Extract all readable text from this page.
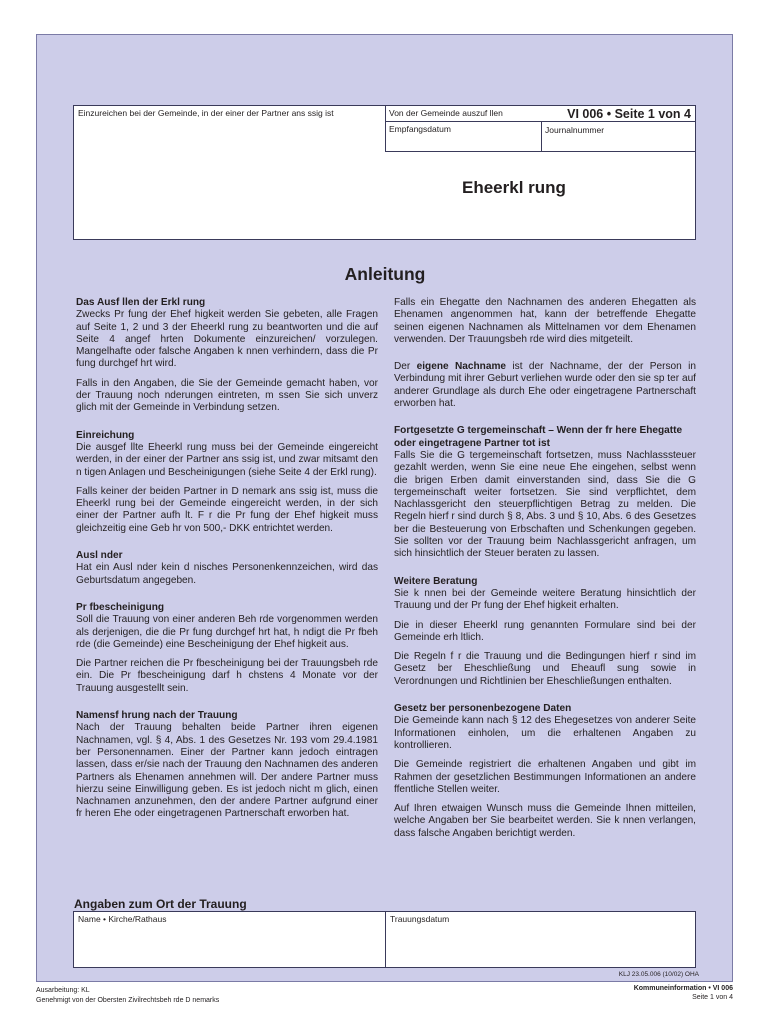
Einzureichen bei der Gemeinde, in der einer der Partner ans ssig ist	Von der Gemeinde auszuf llen	VI 006 • Seite 1 von 4
Empfangsdatum	Journalnummer
Eheerkl rung
Anleitung
Das Ausf llen der Erkl rung

Zwecks Pr fung der Ehef higkeit werden Sie gebeten, alle Fragen auf Seite 1, 2 und 3 der Eheerkl rung zu beantworten und die auf Seite 4 angef hrten Dokumente einzureichen/ vorzulegen. Mangelhafte oder falsche Angaben k nnen verhindern, dass die Pr fung durchgef hrt wird.

Falls in den Angaben, die Sie der Gemeinde gemacht haben, vor der Trauung noch nderungen eintreten, m ssen Sie sich unverz glich mit der Gemeinde in Verbindung setzen.

Einreichung

Die ausgef llte Eheerkl rung muss bei der Gemeinde eingereicht werden, in der einer der Partner ans ssig ist, und zwar mitsamt den n tigen Anlagen und Bescheinigungen (siehe Seite 4 der Erkl rung).

Falls keiner der beiden Partner in D nemark ans ssig ist, muss die Eheerkl rung bei der Gemeinde eingereicht werden, in der sich einer der Partner aufh lt. F r die Pr fung der Ehef higkeit muss gleichzeitig eine Geb hr von 500,- DKK entrichtet werden.

Ausl nder

Hat ein Ausl nder kein d nisches Personenkennzeichen, wird das Geburtsdatum angegeben.

Pr fbescheinigung

Soll die Trauung von einer anderen Beh rde vorgenommen werden als derjenigen, die die Pr fung durchgef hrt hat, h ndigt die Pr fbeh rde (die Gemeinde) eine Bescheinigung der Ehef higkeit aus.

Die Partner reichen die Pr fbescheinigung bei der Trauungsbeh rde ein. Die Pr fbescheinigung darf h chstens 4 Monate vor der Trauung ausgestellt sein.

Namensf hrung nach der Trauung

Nach der Trauung behalten beide Partner ihren eigenen Nachnamen, vgl. § 4, Abs. 1 des Gesetzes Nr. 193 vom 29.4.1981 ber Personennamen. Einer der Partner kann jedoch eintragen lassen, dass er/sie nach der Trauung den Nachnamen des anderen Partners als Ehenamen annehmen will. Der andere Partner muss hierzu seine Einwilligung geben. Es ist jedoch nicht m glich, einen Nachnamen anzunehmen, den der andere Partner aufgrund einer fr heren Ehe oder eingetragenen Partnerschaft erworben hat.

Falls ein Ehegatte den Nachnamen des anderen Ehegatten als Ehenamen angenommen hat, kann der betreffende Ehegatte seinen eigenen Nachnamen als Mittelnamen vor dem Ehenamen verwenden. Der Trauungsbeh rde wird dies mitgeteilt.

Der eigene Nachname ist der Nachname, der der Person in Verbindung mit ihrer Geburt verliehen wurde oder den sie sp ter auf anderer Grundlage als durch Ehe oder eingetragene Partnerschaft erworben hat.

Fortgesetzte G tergemeinschaft – Wenn der fr here Ehegatte oder eingetragene Partner tot ist

Falls Sie die G tergemeinschaft fortsetzen, muss Nachlasssteuer gezahlt werden, wenn Sie eine neue Ehe eingehen, selbst wenn die brigen Erben damit einverstanden sind, dass Sie die G tergemeinschaft weiter fortsetzen. Sie sind verpflichtet, dem Nachlassgericht den steuerpflichtigen Betrag zu melden. Die Regeln hierf r sind durch § 8, Abs. 3 und § 10, Abs. 6 des Gesetzes ber die Besteuerung von Erbschaften und Schenkungen gegeben. Sie sollten vor der Trauung beim Nachlassgericht anfragen, um sich hinsichtlich der Steuer beraten zu lassen.

Weitere Beratung

Sie k nnen bei der Gemeinde weitere Beratung hinsichtlich der Trauung und der Pr fung der Ehef higkeit erhalten.

Die in dieser Eheerkl rung genannten Formulare sind bei der Gemeinde erh ltlich.

Die Regeln f r die Trauung und die Bedingungen hierf r sind im Gesetz ber Eheschließung und Eheaufl sung sowie in Verordnungen und Richtlinien ber Eheschließungen enthalten.

Gesetz ber personenbezogene Daten

Die Gemeinde kann nach § 12 des Ehegesetzes von anderer Seite Informationen einholen, um die erhaltenen Angaben zu kontrollieren.

Die Gemeinde registriert die erhaltenen Angaben und gibt im Rahmen der gesetzlichen Bestimmungen Informationen an andere ffentliche Stellen weiter.

Auf Ihren etwaigen Wunsch muss die Gemeinde Ihnen mitteilen, welche Angaben ber Sie bearbeitet werden. Sie k nnen verlangen, dass falsche Angaben berichtigt werden.

Angaben zum Ort der Trauung
Name • Kirche/Rathaus	Trauungsdatum
KLJ 23.05.006 (10/02) OHA
Ausarbeitung: KL
Genehmigt von der Obersten Zivilrechtsbeh rde D nemarks
Kommuneinformation • VI 006
Seite 1 von 4
